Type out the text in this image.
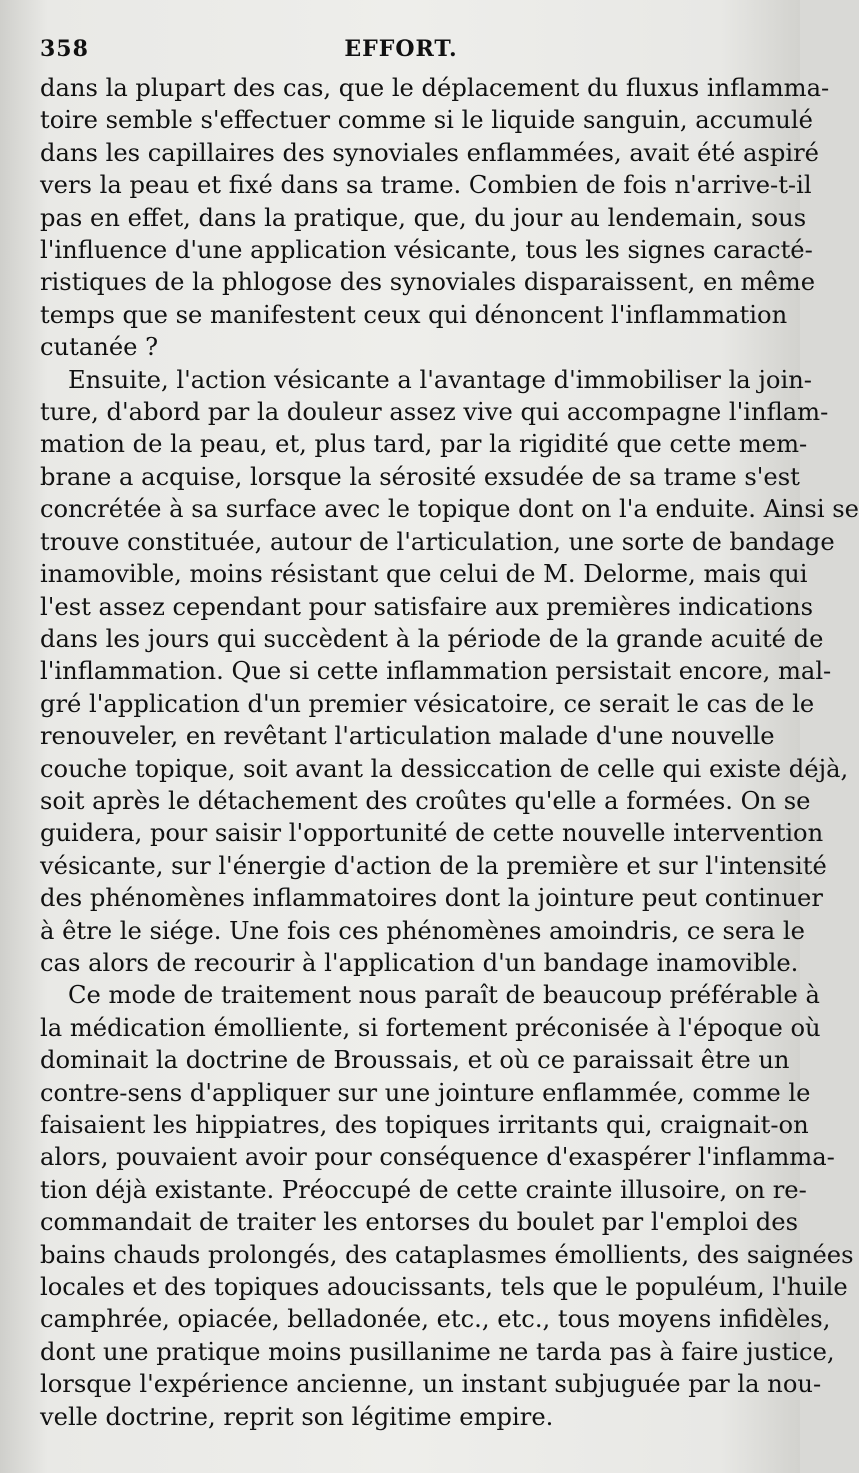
358	EFFORT.
dans la plupart des cas, que le déplacement du fluxus inflamma-
toire semble s'effectuer comme si le liquide sanguin, accumulé
dans les capillaires des synoviales enflammées, avait été aspiré
vers la peau et fixé dans sa trame. Combien de fois n'arrive-t-il
pas en effet, dans la pratique, que, du jour au lendemain, sous
l'influence d'une application vésicante, tous les signes caracté-
ristiques de la phlogose des synoviales disparaissent, en même
temps que se manifestent ceux qui dénoncent l'inflammation
cutanée ?
Ensuite, l'action vésicante a l'avantage d'immobiliser la join-
ture, d'abord par la douleur assez vive qui accompagne l'inflam-
mation de la peau, et, plus tard, par la rigidité que cette mem-
brane a acquise, lorsque la sérosité exsudée de sa trame s'est
concrétée à sa surface avec le topique dont on l'a enduite. Ainsi se
trouve constituée, autour de l'articulation, une sorte de bandage
inamovible, moins résistant que celui de M. Delorme, mais qui
l'est assez cependant pour satisfaire aux premières indications
dans les jours qui succèdent à la période de la grande acuité de
l'inflammation. Que si cette inflammation persistait encore, mal-
gré l'application d'un premier vésicatoire, ce serait le cas de le
renouveler, en revêtant l'articulation malade d'une nouvelle
couche topique, soit avant la dessiccation de celle qui existe déjà,
soit après le détachement des croûtes qu'elle a formées. On se
guidera, pour saisir l'opportunité de cette nouvelle intervention
vésicante, sur l'énergie d'action de la première et sur l'intensité
des phénomènes inflammatoires dont la jointure peut continuer
à être le siége. Une fois ces phénomènes amoindris, ce sera le
cas alors de recourir à l'application d'un bandage inamovible.
Ce mode de traitement nous paraît de beaucoup préférable à
la médication émolliente, si fortement préconisée à l'époque où
dominait la doctrine de Broussais, et où ce paraissait être un
contre-sens d'appliquer sur une jointure enflammée, comme le
faisaient les hippiatres, des topiques irritants qui, craignait-on
alors, pouvaient avoir pour conséquence d'exaspérer l'inflamma-
tion déjà existante. Préoccupé de cette crainte illusoire, on re-
commandait de traiter les entorses du boulet par l'emploi des
bains chauds prolongés, des cataplasmes émollients, des saignées
locales et des topiques adoucissants, tels que le populéum, l'huile
camphrée, opiacée, belladonée, etc., etc., tous moyens infidèles,
dont une pratique moins pusillanime ne tarda pas à faire justice,
lorsque l'expérience ancienne, un instant subjuguée par la nou-
velle doctrine, reprit son légitime empire.
